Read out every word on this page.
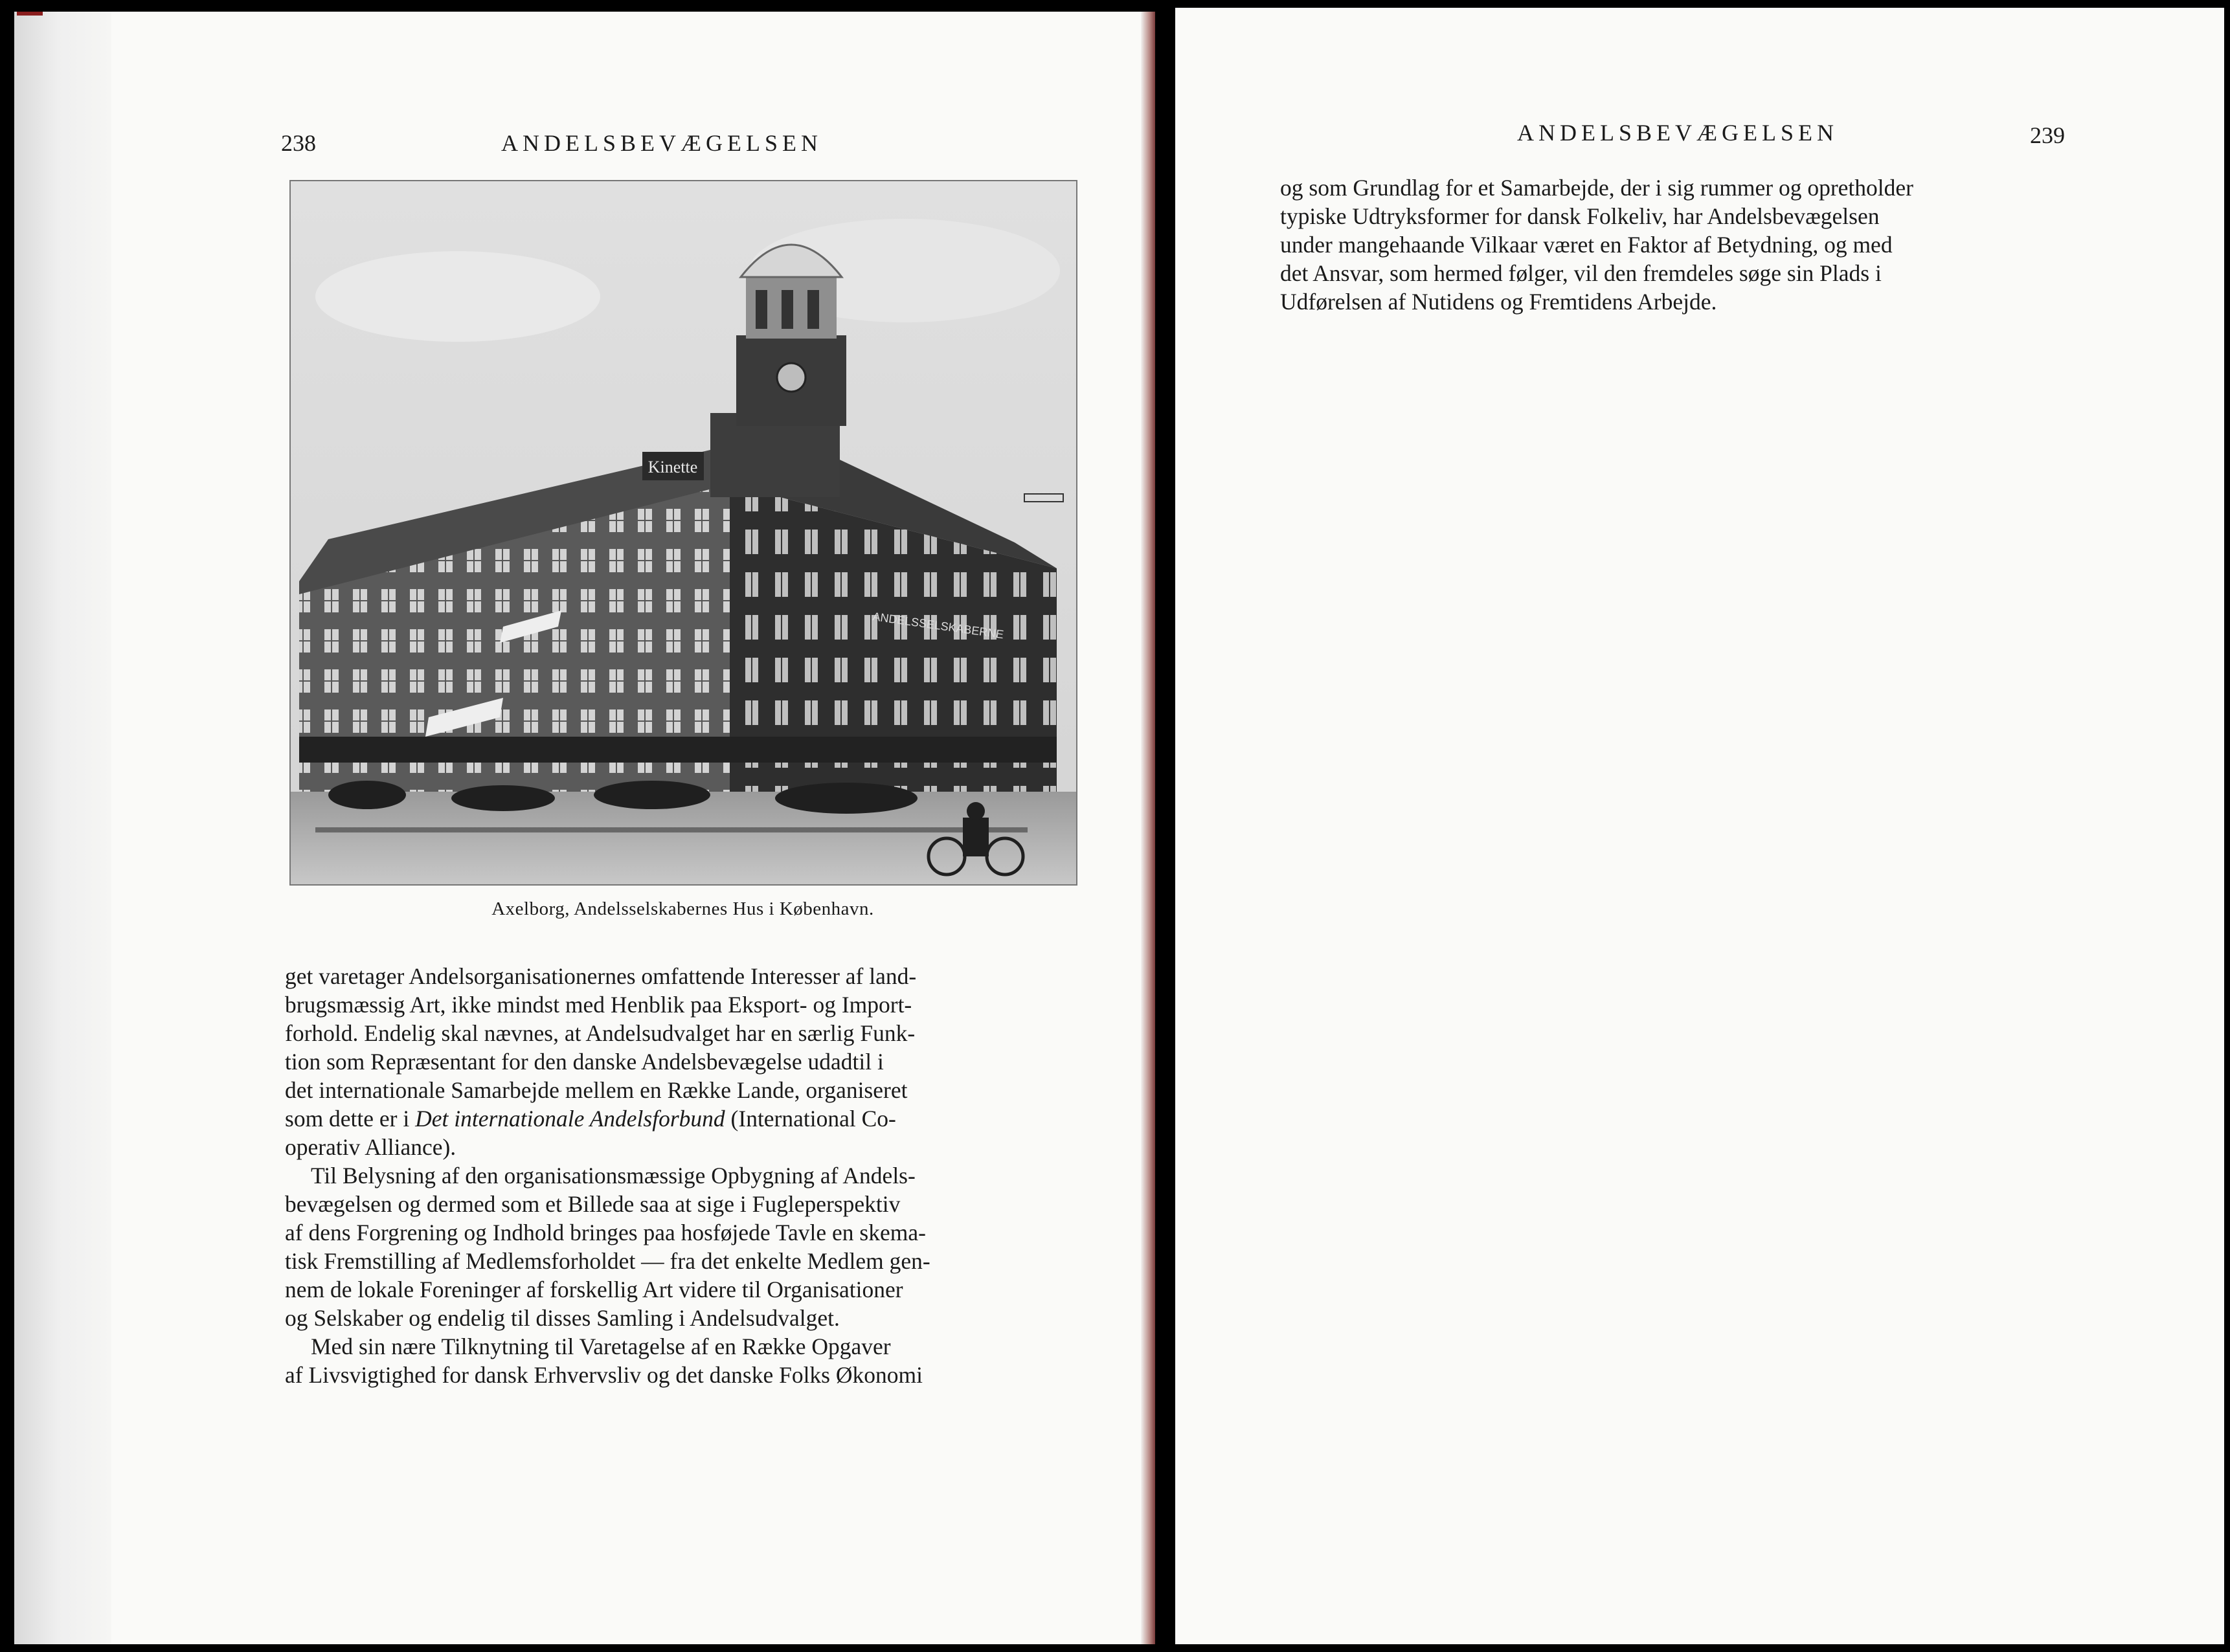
238	ANDELSBEVÆGELSEN
Kinette
ANDELSSELSKABERNE
Axelborg, Andelsselskabernes Hus i København.

get varetager Andelsorganisationernes omfattende Interesser af land-
brugsmæssig Art, ikke mindst med Henblik paa Eksport- og Import-
forhold. Endelig skal nævnes, at Andelsudvalget har en særlig Funk-
tion som Repræsentant for den danske Andelsbevægelse udadtil i
det internationale Samarbejde mellem en Række Lande, organiseret
som dette er i Det internationale Andelsforbund (International Co-
operativ Alliance).

Til Belysning af den organisationsmæssige Opbygning af Andels-
bevægelsen og dermed som et Billede saa at sige i Fugleperspektiv
af dens Forgrening og Indhold bringes paa hosføjede Tavle en skema-
tisk Fremstilling af Medlemsforholdet — fra det enkelte Medlem gen-
nem de lokale Foreninger af forskellig Art videre til Organisationer
og Selskaber og endelig til disses Samling i Andelsudvalget.

Med sin nære Tilknytning til Varetagelse af en Række Opgaver
af Livsvigtighed for dansk Erhvervsliv og det danske Folks Økonomi

ANDELSBEVÆGELSEN	239

og som Grundlag for et Samarbejde, der i sig rummer og opretholder
typiske Udtryksformer for dansk Folkeliv, har Andelsbevægelsen
under mangehaande Vilkaar været en Faktor af Betydning, og med
det Ansvar, som hermed følger, vil den fremdeles søge sin Plads i
Udførelsen af Nutidens og Fremtidens Arbejde.
